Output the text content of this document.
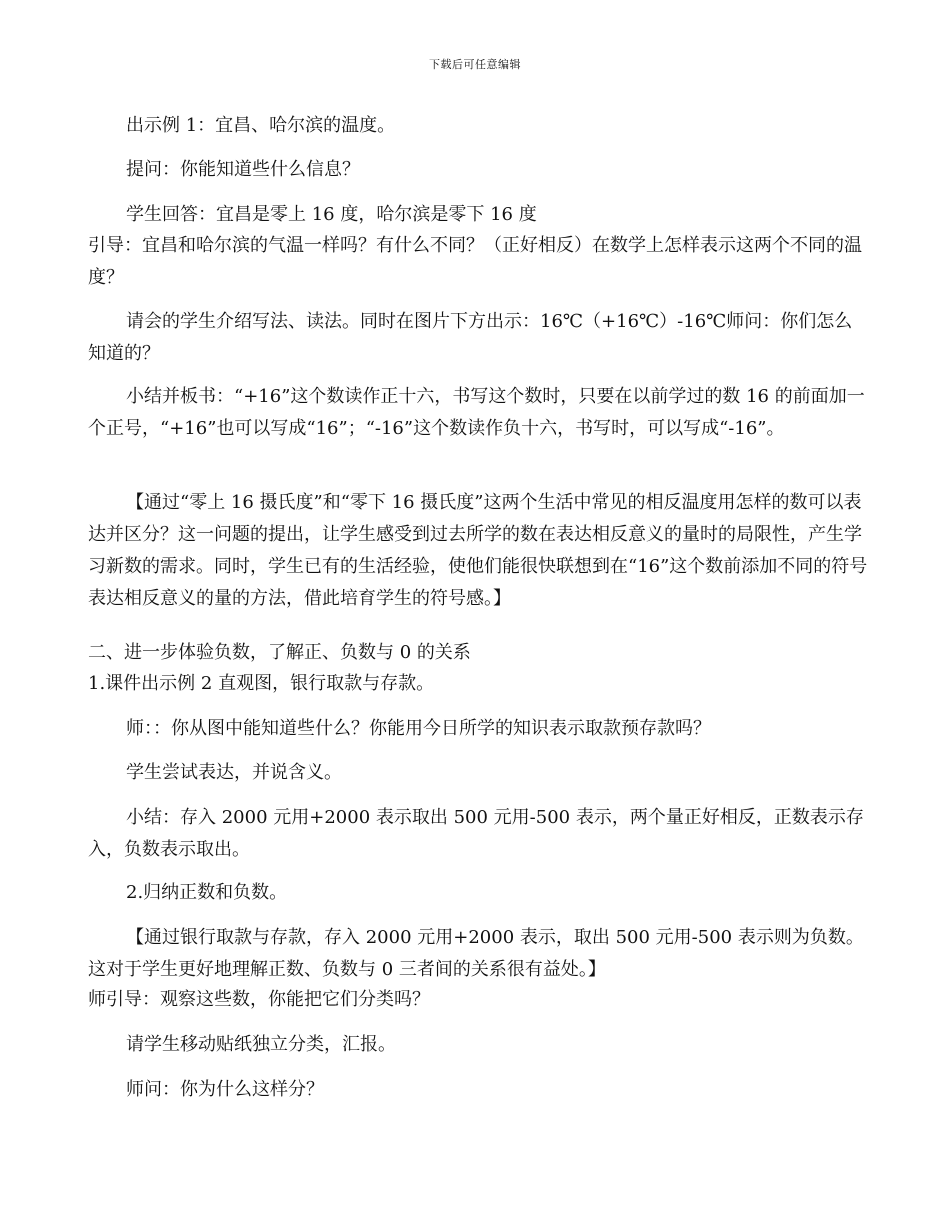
下载后可任意编辑

出示例 1：宜昌、哈尔滨的温度。

提问：你能知道些什么信息？

学生回答：宜昌是零上 16 度，哈尔滨是零下 16 度

引导：宜昌和哈尔滨的气温一样吗？有什么不同？（正好相反）在数学上怎样表示这两个不同的温度？

请会的学生介绍写法、读法。同时在图片下方出示：16℃（+16℃）-16℃师问：你们怎么知道的？

小结并板书：“+16”这个数读作正十六，书写这个数时，只要在以前学过的数 16 的前面加一个正号，“+16”也可以写成“16”；“-16”这个数读作负十六，书写时，可以写成“-16”。

【通过“零上 16 摄氏度”和“零下 16 摄氏度”这两个生活中常见的相反温度用怎样的数可以表达并区分？这一问题的提出，让学生感受到过去所学的数在表达相反意义的量时的局限性，产生学习新数的需求。同时，学生已有的生活经验，使他们能很快联想到在“16”这个数前添加不同的符号表达相反意义的量的方法，借此培育学生的符号感。】

二、进一步体验负数，了解正、负数与 0 的关系

1.课件出示例 2 直观图，银行取款与存款。

师：：你从图中能知道些什么？你能用今日所学的知识表示取款预存款吗？

学生尝试表达，并说含义。

小结：存入 2000 元用+2000 表示取出 500 元用-500 表示，两个量正好相反，正数表示存入，负数表示取出。

2.归纳正数和负数。

【通过银行取款与存款，存入 2000 元用+2000 表示，取出 500 元用-500 表示则为负数。这对于学生更好地理解正数、负数与 0 三者间的关系很有益处。】

师引导：观察这些数，你能把它们分类吗？

请学生移动贴纸独立分类，汇报。

师问：你为什么这样分？
